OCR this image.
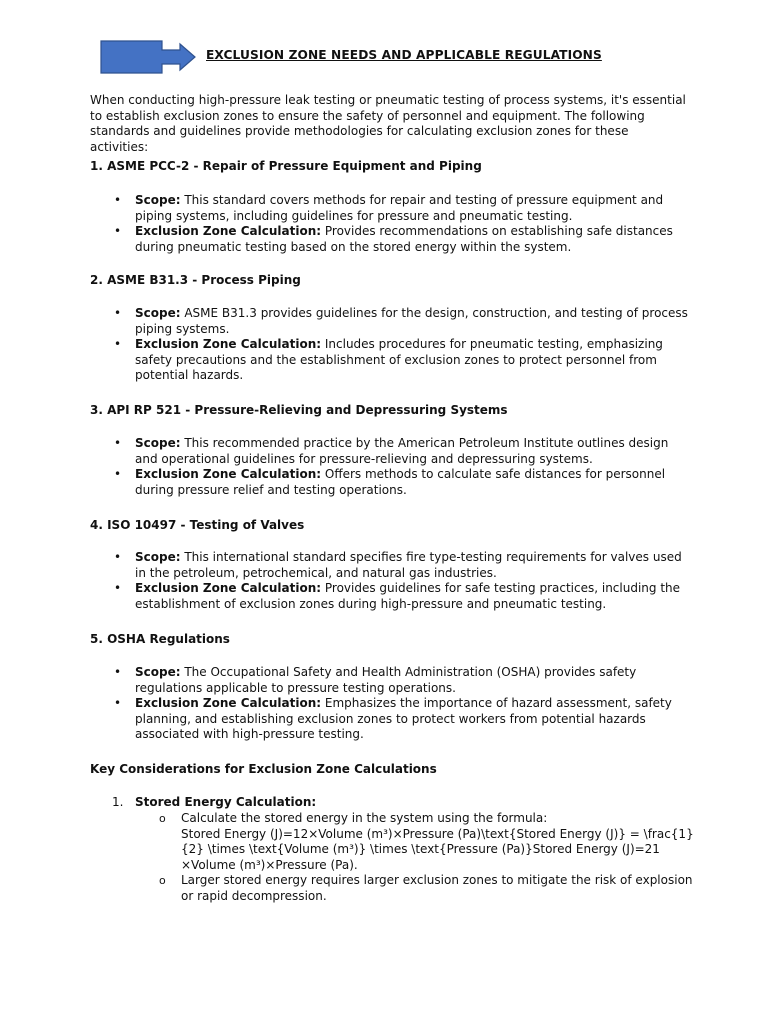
EXCLUSION ZONE NEEDS AND APPLICABLE REGULATIONS
When conducting high-pressure leak testing or pneumatic testing of process systems, it's essential to establish exclusion zones to ensure the safety of personnel and equipment. The following standards and guidelines provide methodologies for calculating exclusion zones for these activities:
1. ASME PCC-2 - Repair of Pressure Equipment and Piping
• Scope: This standard covers methods for repair and testing of pressure equipment and piping systems, including guidelines for pressure and pneumatic testing.
• Exclusion Zone Calculation: Provides recommendations on establishing safe distances during pneumatic testing based on the stored energy within the system.
2. ASME B31.3 - Process Piping
• Scope: ASME B31.3 provides guidelines for the design, construction, and testing of process piping systems.
• Exclusion Zone Calculation: Includes procedures for pneumatic testing, emphasizing safety precautions and the establishment of exclusion zones to protect personnel from potential hazards.
3. API RP 521 - Pressure-Relieving and Depressuring Systems
• Scope: This recommended practice by the American Petroleum Institute outlines design and operational guidelines for pressure-relieving and depressuring systems.
• Exclusion Zone Calculation: Offers methods to calculate safe distances for personnel during pressure relief and testing operations.
4. ISO 10497 - Testing of Valves
• Scope: This international standard specifies fire type-testing requirements for valves used in the petroleum, petrochemical, and natural gas industries.
• Exclusion Zone Calculation: Provides guidelines for safe testing practices, including the establishment of exclusion zones during high-pressure and pneumatic testing.
5. OSHA Regulations
• Scope: The Occupational Safety and Health Administration (OSHA) provides safety regulations applicable to pressure testing operations.
• Exclusion Zone Calculation: Emphasizes the importance of hazard assessment, safety planning, and establishing exclusion zones to protect workers from potential hazards associated with high-pressure testing.
Key Considerations for Exclusion Zone Calculations
1. Stored Energy Calculation:
o Calculate the stored energy in the system using the formula:
Stored Energy (J)=12×Volume (m³)×Pressure (Pa)\text{Stored Energy (J)} = \frac{1}{2} \times \text{Volume (m³)} \times \text{Pressure (Pa)}Stored Energy (J)=21 ×Volume (m³)×Pressure (Pa).
o Larger stored energy requires larger exclusion zones to mitigate the risk of explosion or rapid decompression.
